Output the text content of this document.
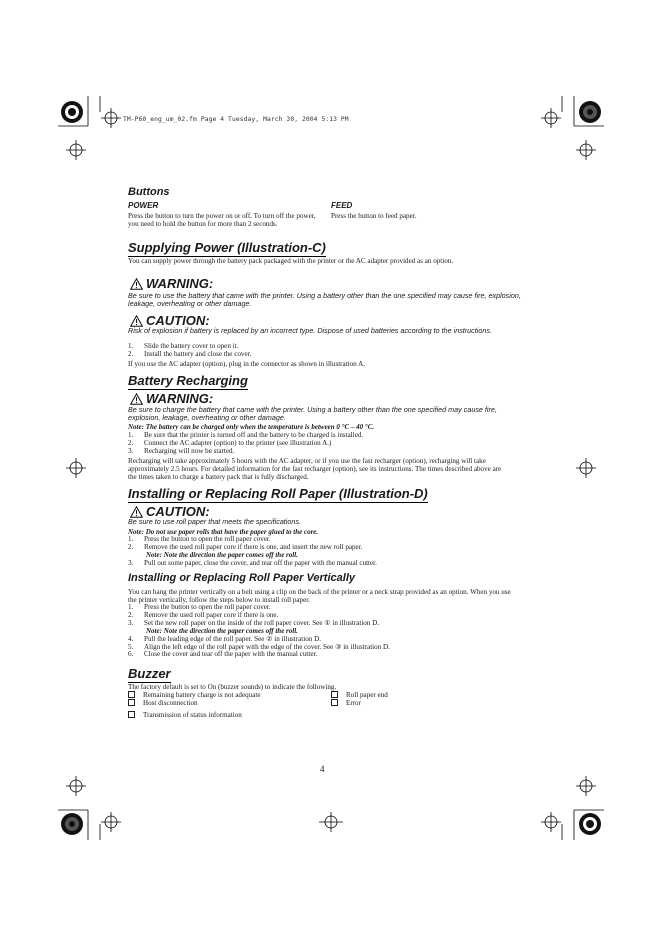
TM-P60_eng_um_02.fm Page 4 Tuesday, March 30, 2004 5:13 PM
Buttons
POWER
Press the button to turn the power on or off. To turn off the power, you need to hold the button for more than 2 seconds.
FEED
Press the button to feed paper.
Supplying Power (Illustration-C)
You can supply power through the battery pack packaged with the printer or the AC adapter provided as an option.
WARNING:
Be sure to use the battery that came with the printer. Using a battery other than the one specified may cause fire, explosion, leakage, overheating or other damage.
CAUTION:
Risk of explosion if battery is replaced by an incorrect type. Dispose of used batteries according to the instructions.
1.	Slide the battery cover to open it.
2.	Install the battery and close the cover.
If you use the AC adapter (option), plug in the connector as shown in illustration A.
Battery Recharging
WARNING:
Be sure to charge the battery that came with the printer. Using a battery other than the one specified may cause fire, explosion, leakage, overheating or other damage.
Note: The battery can be charged only when the temperature is between 0 °C – 40 °C.
1.	Be sure that the printer is turned off and the battery to be charged is installed.
2.	Connect the AC adapter (option) to the printer (see illustration A.)
3.	Recharging will now be started.
Recharging will take approximately 5 hours with the AC adapter, or if you use the fast recharger (option), recharging will take approximately 2.5 hours. For detailed information for the fast recharger (option), see its instructions. The times described above are the times taken to charge a battery pack that is fully discharged.
Installing or Replacing Roll Paper (Illustration-D)
CAUTION:
Be sure to use roll paper that meets the specifications.
Note: Do not use paper rolls that have the paper glued to the core.
1.	Press the button to open the roll paper cover.
2.	Remove the used roll paper core if there is one, and insert the new roll paper.
Note: Note the direction the paper comes off the roll.
3.	Pull out some paper, close the cover, and tear off the paper with the manual cutter.
Installing or Replacing Roll Paper Vertically
You can hang the printer vertically on a belt using a clip on the back of the printer or a neck strap provided as an option. When you use the printer vertically, follow the steps below to install roll paper.
1.	Press the button to open the roll paper cover.
2.	Remove the used roll paper core if there is one.
3.	Set the new roll paper on the inside of the roll paper cover. See ① in illustration D.
Note: Note the direction the paper comes off the roll.
4.	Pull the leading edge of the roll paper. See ② in illustration D.
5.	Align the left edge of the roll paper with the edge of the cover. See ③ in illustration D.
6.	Close the cover and tear off the paper with the manual cutter.
Buzzer
The factory default is set to On (buzzer sounds) to indicate the following.
Remaining battery charge is not adequate	Roll paper end
Host disconnection	Error
Transmission of status information
4
